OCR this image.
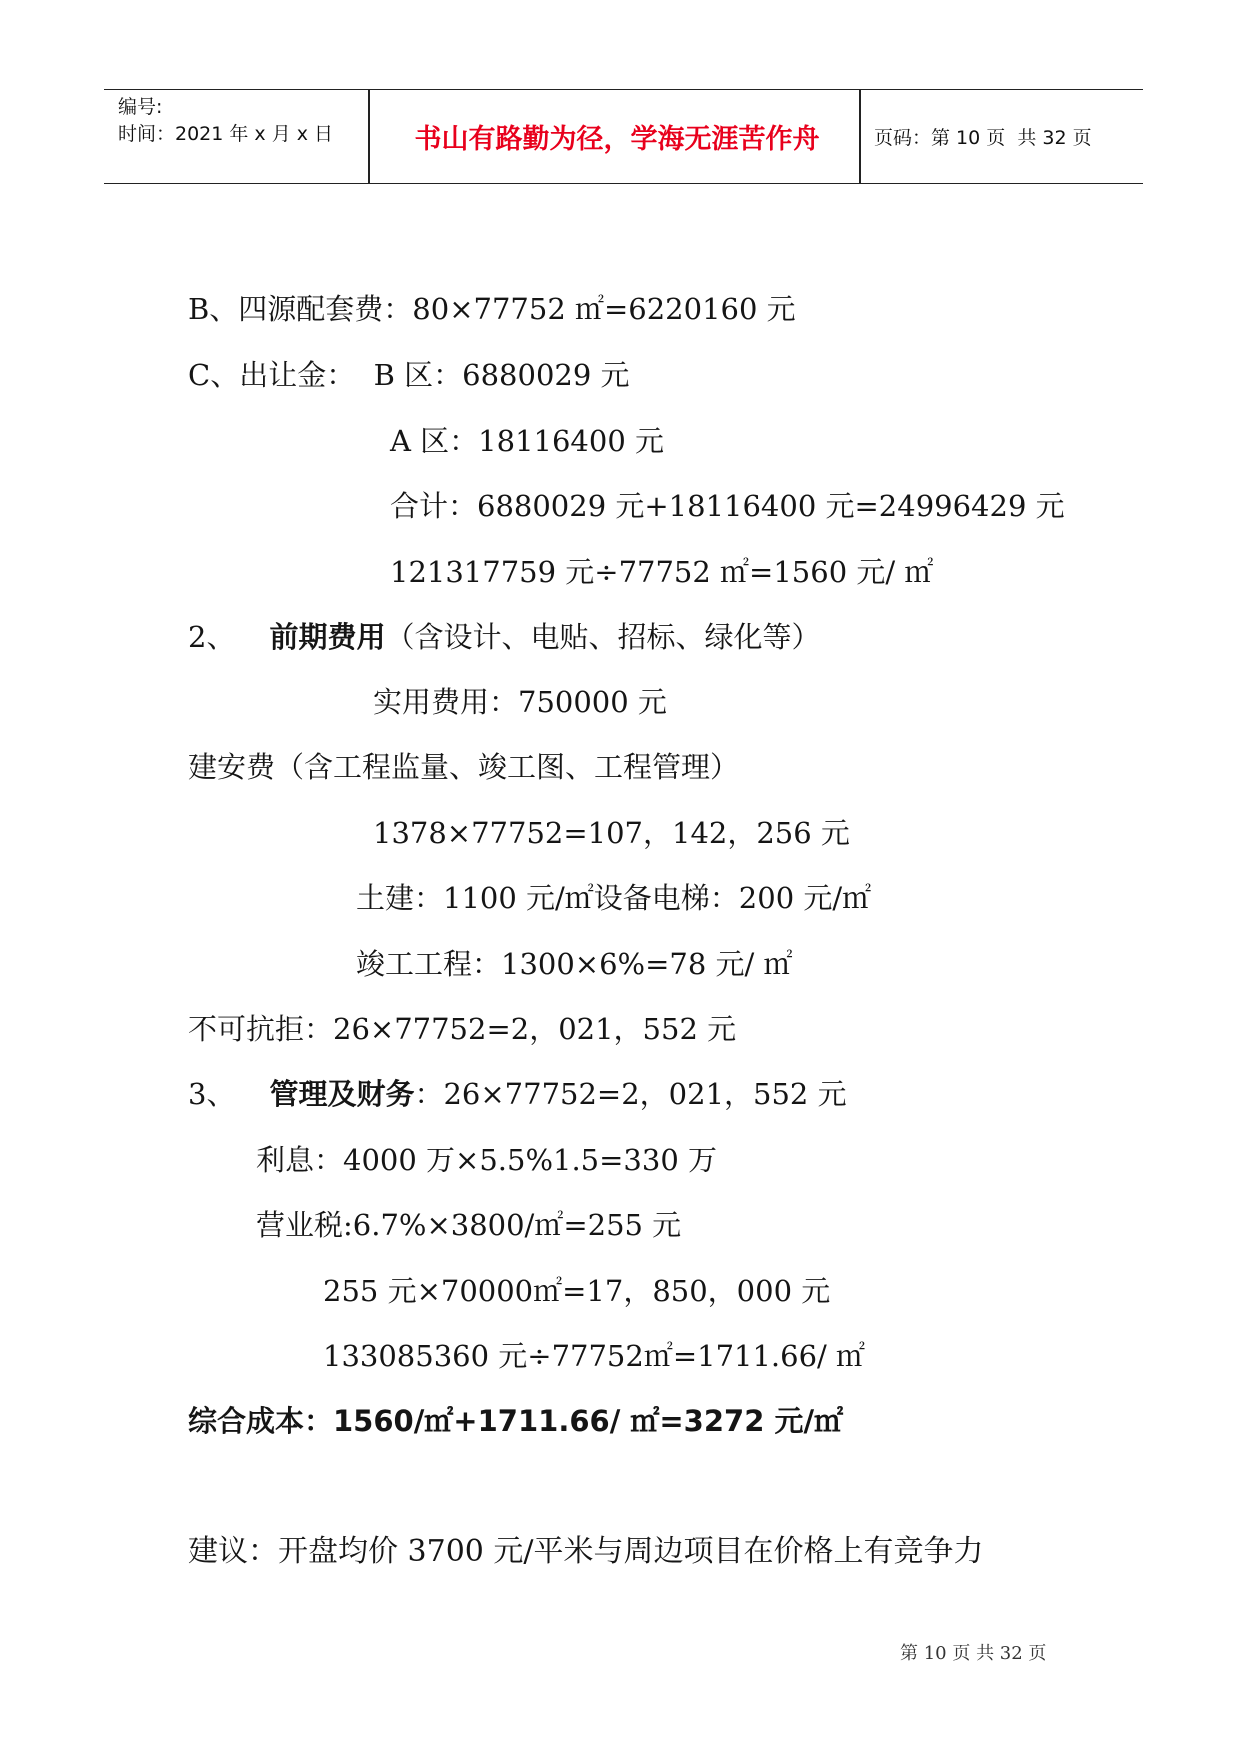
编号:
时间：2021 年 x 月 x 日	书山有路勤为径，学海无涯苦作舟	页码：第 10 页  共 32 页
B、四源配套费：80×77752 ㎡=6220160 元
C、出让金：  B 区：6880029 元
A 区：18116400 元
合计：6880029 元+18116400 元=24996429 元
121317759 元÷77752 ㎡=1560 元/ ㎡
2、 前期费用（含设计、电贴、招标、绿化等）
实用费用：750000 元
建安费（含工程监量、竣工图、工程管理）
1378×77752=107，142，256 元
土建：1100 元/㎡设备电梯：200 元/㎡
竣工工程：1300×6%=78 元/ ㎡
不可抗拒：26×77752=2，021，552 元
3、 管理及财务：26×77752=2，021，552 元
利息：4000 万×5.5%1.5=330 万
营业税:6.7%×3800/㎡=255 元
255 元×70000㎡=17，850，000 元
133085360 元÷77752㎡=1711.66/ ㎡
综合成本：1560/㎡+1711.66/ ㎡=3272 元/㎡
建议：开盘均价 3700 元/平米与周边项目在价格上有竞争力
第 10 页 共 32 页
